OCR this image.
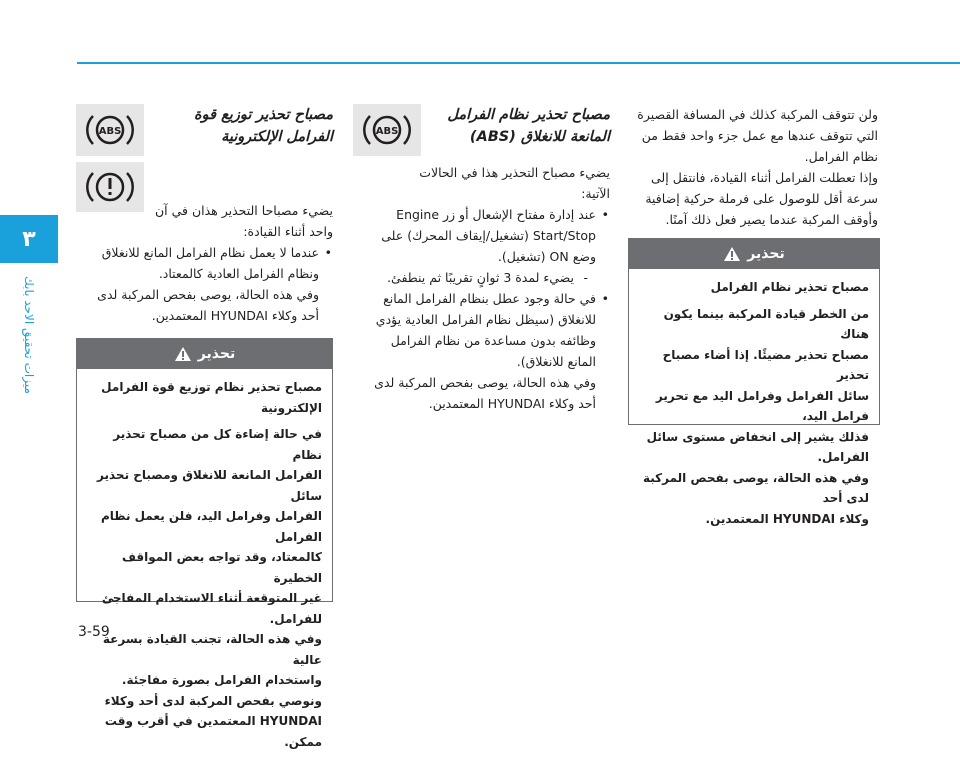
٣
ميزات تحقيق الاحد بابك
3-59
ولن تتوقف المركبة كذلك في المسافة القصيرة التي تتوقف عندها مع عمل جزء واحد فقط من نظام الفرامل.
وإذا تعطلت الفرامل أثناء القيادة، فانتقل إلى سرعة أقل للوصول على فرملة حركية إضافية وأوقف المركبة عندما يصير فعل ذلك آمنًا.
تحذير
مصباح تحذير نظام الفرامل
من الخطر قيادة المركبة بينما يكون هناك
مصباح تحذير مضيئًا. إذا أضاء مصباح تحذير
سائل الفرامل وفرامل اليد مع تحرير فرامل اليد،
فذلك يشير إلى انخفاض مستوى سائل الفرامل.
وفي هذه الحالة، يوصى بفحص المركبة لدى أحد
وكلاء HYUNDAI المعتمدين.
ABS
مصباح تحذير نظام الفرامل
المانعة للانغلاق (ABS)
يضيء مصباح التحذير هذا في الحالات
الآتية:
• عند إدارة مفتاح الإشعال أو زر Engine
Start/Stop (تشغيل/إيقاف المحرك) على
وضع ON (تشغيل).
- يضيء لمدة 3 ثوانٍ تقريبًا ثم ينطفئ.
• في حالة وجود عطل بنظام الفرامل المانع
للانغلاق (سيظل نظام الفرامل العادية يؤدي
وظائفه بدون مساعدة من نظام الفرامل
المانع للانغلاق).
وفي هذه الحالة، يوصى بفحص المركبة لدى
أحد وكلاء HYUNDAI المعتمدين.
ABS
مصباح تحذير توزيع قوة
الفرامل الإلكترونية
يضيء مصباحا التحذير هذان في آن
واحد أثناء القيادة:
• عندما لا يعمل نظام الفرامل المانع للانغلاق
ونظام الفرامل العادية كالمعتاد.
وفي هذه الحالة، يوصى بفحص المركبة لدى
أحد وكلاء HYUNDAI المعتمدين.
تحذير
مصباح تحذير نظام توزيع قوة الفرامل
الإلكترونية
في حالة إضاءة كل من مصباح تحذير نظام
الفرامل المانعة للانغلاق ومصباح تحذير سائل
الفرامل وفرامل اليد، فلن يعمل نظام الفرامل
كالمعتاد، وقد تواجه بعض المواقف الخطيرة
غير المتوقعة أثناء الاستخدام المفاجئ للفرامل.
وفي هذه الحالة، تجنب القيادة بسرعة عالية
واستخدام الفرامل بصورة مفاجئة.
ونوصي بفحص المركبة لدى أحد وكلاء
HYUNDAI المعتمدين في أقرب وقت ممكن.
